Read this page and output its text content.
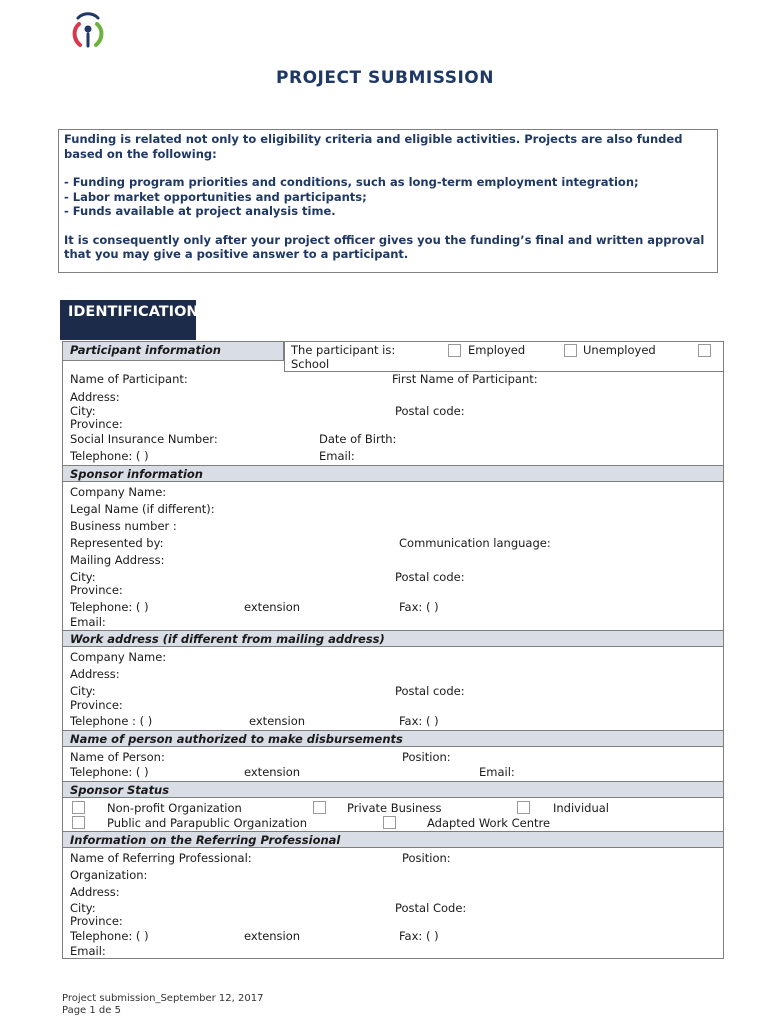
PROJECT SUBMISSION
Funding is related not only to eligibility criteria and eligible activities. Projects are also funded based on the following:
- Funding program priorities and conditions, such as long-term employment integration;
- Labor market opportunities and participants;
- Funds available at project analysis time.
It is consequently only after your project officer gives you the funding’s final and written approval that you may give a positive answer to a participant.
IDENTIFICATION
Participant information	The participant is:	Employed	Unemployed
School
Name of Participant:	First Name of Participant:
Address:
City:	Postal code:
Province:
Social Insurance Number:	Date of Birth:
Telephone: ( )	Email:
Sponsor information
Company Name:
Legal Name (if different):
Business number :
Represented by:	Communication language:
Mailing Address:
City:	Postal code:
Province:
Telephone: ( )	extension	Fax: ( )
Email:
Work address (if different from mailing address)
Company Name:
Address:
City:	Postal code:
Province:
Telephone : ( )	extension	Fax: ( )
Name of person authorized to make disbursements
Name of Person:	Position:
Telephone: ( )	extension	Email:
Sponsor Status
Non-profit Organization	Private Business	Individual
Public and Parapublic Organization	Adapted Work Centre
Information on the Referring Professional
Name of Referring Professional:	Position:
Organization:
Address:
City:	Postal Code:
Province:
Telephone: ( )	extension	Fax: ( )
Email:
Project submission_September 12, 2017
Page 1 de 5
